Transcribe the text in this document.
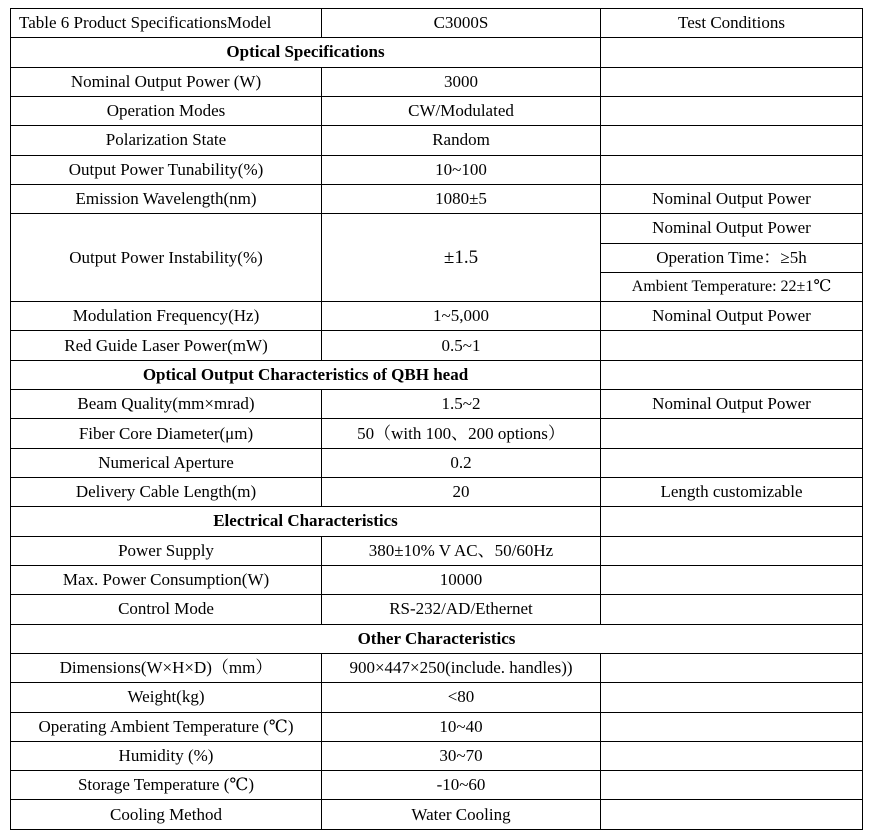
Table 6 Product SpecificationsModel	C3000S	Test Conditions
Optical Specifications		
Nominal Output Power (W)	3000	
Operation Modes	CW/Modulated	
Polarization State	Random	
Output Power Tunability(%)	10~100	
Emission Wavelength(nm)	1080±5	Nominal Output Power
Output Power Instability(%)	±1.5	Nominal Output Power
		Operation Time：≥5h
		Ambient Temperature: 22±1℃
Modulation Frequency(Hz)	1~5,000	Nominal Output Power
Red Guide Laser Power(mW)	0.5~1	
Optical Output Characteristics of QBH head		
Beam Quality(mm×mrad)	1.5~2	Nominal Output Power
Fiber Core Diameter(μm)	50（with 100、200 options）	
Numerical Aperture	0.2	
Delivery Cable Length(m)	20	Length customizable
Electrical Characteristics		
Power Supply	380±10% V AC、50/60Hz	
Max. Power Consumption(W)	10000	
Control Mode	RS-232/AD/Ethernet	
Other Characteristics		
Dimensions(W×H×D)（mm）	900×447×250(include. handles))	
Weight(kg)	<80	
Operating Ambient Temperature (℃)	10~40	
Humidity (%)	30~70	
Storage Temperature (℃)	-10~60	
Cooling Method	Water Cooling	
